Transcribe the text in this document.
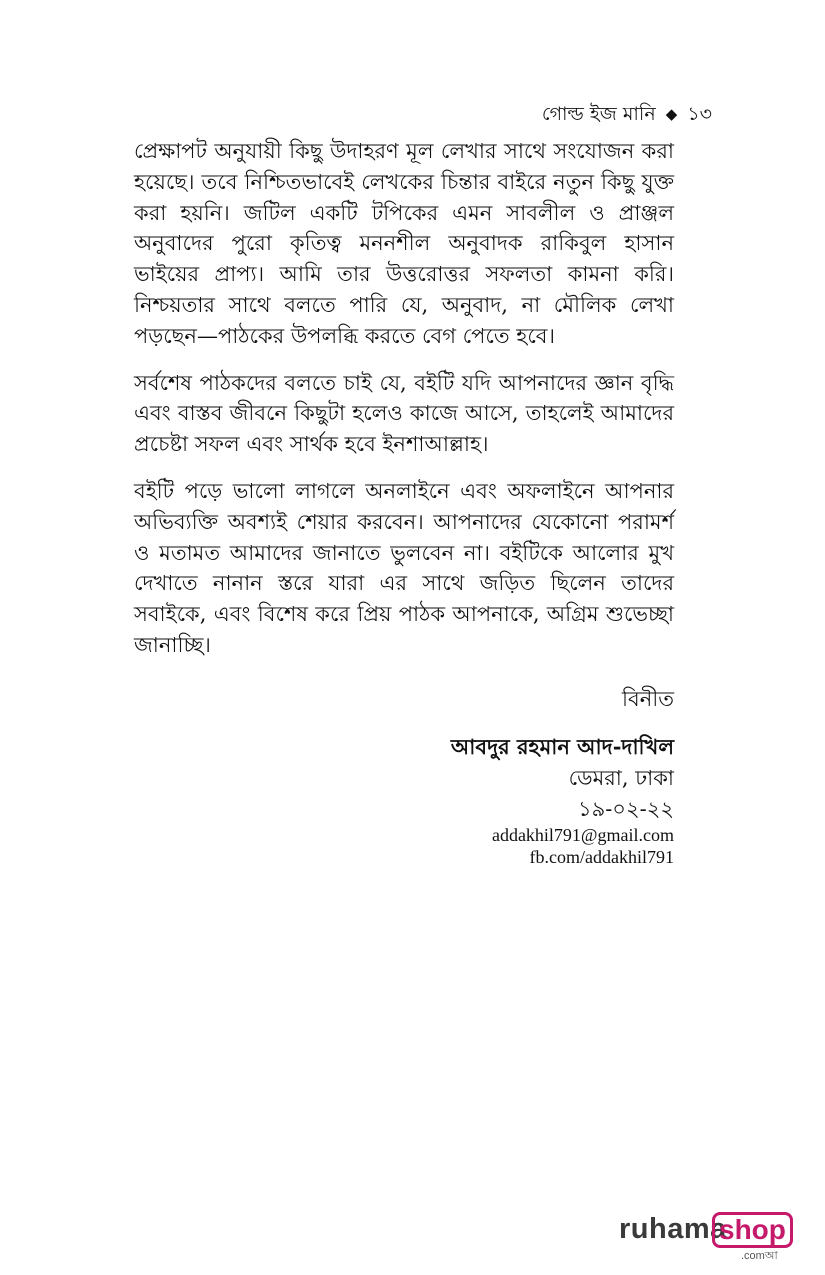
গোল্ড ইজ মানি ◆ ১৩

প্রেক্ষাপট অনুযায়ী কিছু উদাহরণ মূল লেখার সাথে সংযোজন করা হয়েছে। তবে নিশ্চিতভাবেই লেখকের চিন্তার বাইরে নতুন কিছু যুক্ত করা হয়নি। জটিল একটি টপিকের এমন সাবলীল ও প্রাঞ্জল অনুবাদের পুরো কৃতিত্ব মননশীল অনুবাদক রাকিবুল হাসান ভাইয়ের প্রাপ্য। আমি তার উত্তরোত্তর সফলতা কামনা করি। নিশ্চয়তার সাথে বলতে পারি যে, অনুবাদ, না মৌলিক লেখা পড়ছেন—পাঠকের উপলব্ধি করতে বেগ পেতে হবে।

সর্বশেষ পাঠকদের বলতে চাই যে, বইটি যদি আপনাদের জ্ঞান বৃদ্ধি এবং বাস্তব জীবনে কিছুটা হলেও কাজে আসে, তাহলেই আমাদের প্রচেষ্টা সফল এবং সার্থক হবে ইনশাআল্লাহ।

বইটি পড়ে ভালো লাগলে অনলাইনে এবং অফলাইনে আপনার অভিব্যক্তি অবশ্যই শেয়ার করবেন। আপনাদের যেকোনো পরামর্শ ও মতামত আমাদের জানাতে ভুলবেন না। বইটিকে আলোর মুখ দেখাতে নানান স্তরে যারা এর সাথে জড়িত ছিলেন তাদের সবাইকে, এবং বিশেষ করে প্রিয় পাঠক আপনাকে, অগ্রিম শুভেচ্ছা জানাচ্ছি।

বিনীত
আবদুর রহমান আদ-দাখিল
ডেমরা, ঢাকা
১৯-০২-২২
addakhil791@gmail.com
fb.com/addakhil791
ruhama
shop
.comআ
